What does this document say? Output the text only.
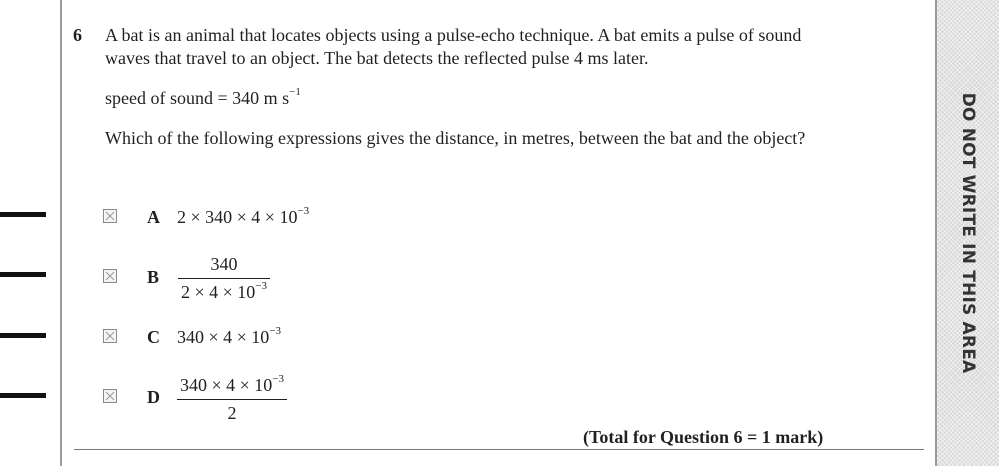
DO NOT WRITE IN THIS AREA
6 A bat is an animal that locates objects using a pulse-echo technique. A bat emits a pulse of sound waves that travel to an object. The bat detects the reflected pulse 4 ms later.
speed of sound = 340 m $s^{-1}$
Which of the following expressions gives the distance, in metres, between the bat and the object?
A $2 \times 340 \times 4 \times 10^{-3}$
B $\frac{340}{2 \times 4 \times 10^{-3}}$
C $340 \times 4 \times 10^{-3}$
D $\frac{340 \times 4 \times 10^{-3}}{2}$
(Total for Question 6 = 1 mark)
